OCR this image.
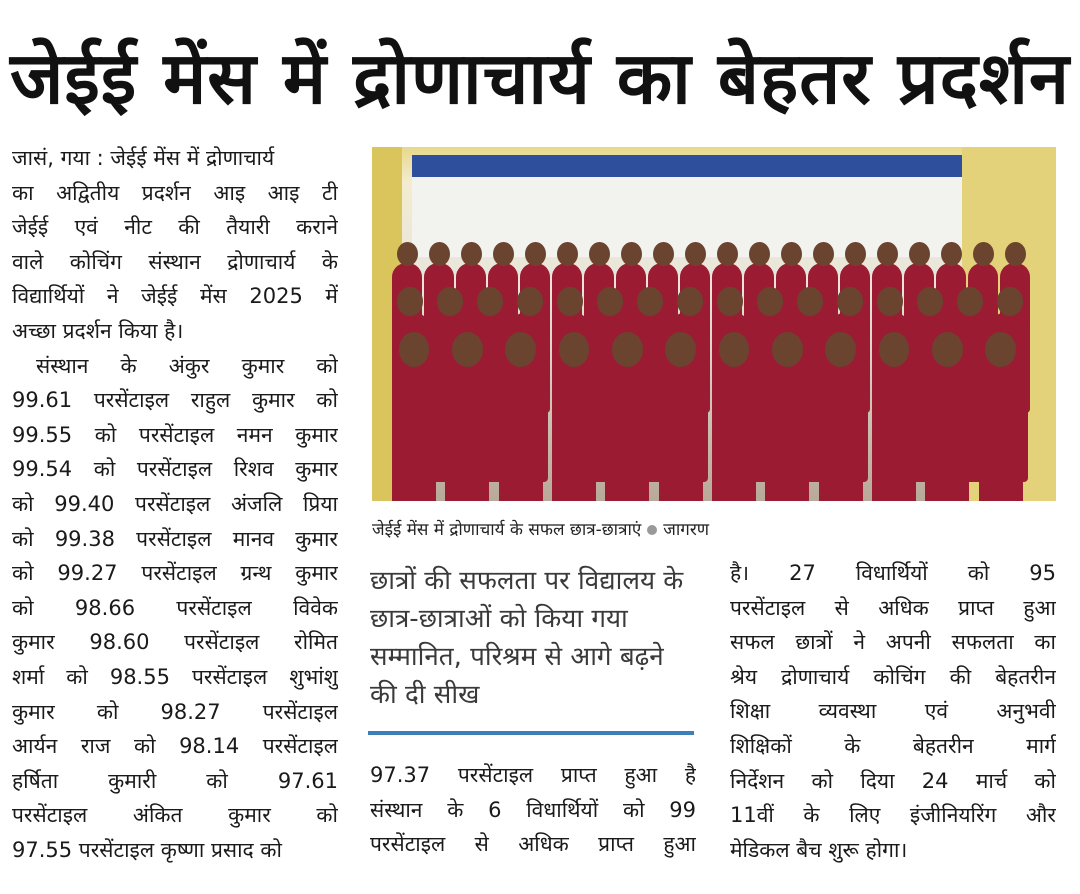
जेईई मेंस में द्रोणाचार्य का बेहतर प्रदर्शन
जासं, गया : जेईई मेंस में द्रोणाचार्य
का अद्वितीय प्रदर्शन आइ आइ टी
जेईई एवं नीट की तैयारी कराने
वाले कोचिंग संस्थान द्रोणाचार्य के
विद्यार्थियों ने जेईई मेंस 2025 में
अच्छा प्रदर्शन किया है।
संस्थान के अंकुर कुमार को
99.61 परसेंटाइल राहुल कुमार को
99.55 को परसेंटाइल नमन कुमार
99.54 को परसेंटाइल रिशव कुमार
को 99.40 परसेंटाइल अंजलि प्रिया
को 99.38 परसेंटाइल मानव कुमार
को 99.27 परसेंटाइल ग्रन्थ कुमार
को 98.66 परसेंटाइल विवेक
कुमार 98.60 परसेंटाइल रोमित
शर्मा को 98.55 परसेंटाइल शुभांशु
कुमार को 98.27 परसेंटाइल
आर्यन राज को 98.14 परसेंटाइल
हर्षिता कुमारी को 97.61
परसेंटाइल अंकित कुमार को
97.55 परसेंटाइल कृष्णा प्रसाद को
जेईई मेंस में द्रोणाचार्य के सफल छात्र-छात्राएं जागरण
छात्रों की सफलता पर विद्यालय के
छात्र-छात्राओं को किया गया
सम्मानित, परिश्रम से आगे बढ़ने
की दी सीख
97.37 परसेंटाइल प्राप्त हुआ है
संस्थान के 6 विधार्थियों को 99
परसेंटाइल से अधिक प्राप्त हुआ
है। 27 विधार्थियों को 95
परसेंटाइल से अधिक प्राप्त हुआ
सफल छात्रों ने अपनी सफलता का
श्रेय द्रोणाचार्य कोचिंग की बेहतरीन
शिक्षा व्यवस्था एवं अनुभवी
शिक्षिकों के बेहतरीन मार्ग
निर्देशन को दिया 24 मार्च को
11वीं के लिए इंजीनियरिंग और
मेडिकल बैच शुरू होगा।
